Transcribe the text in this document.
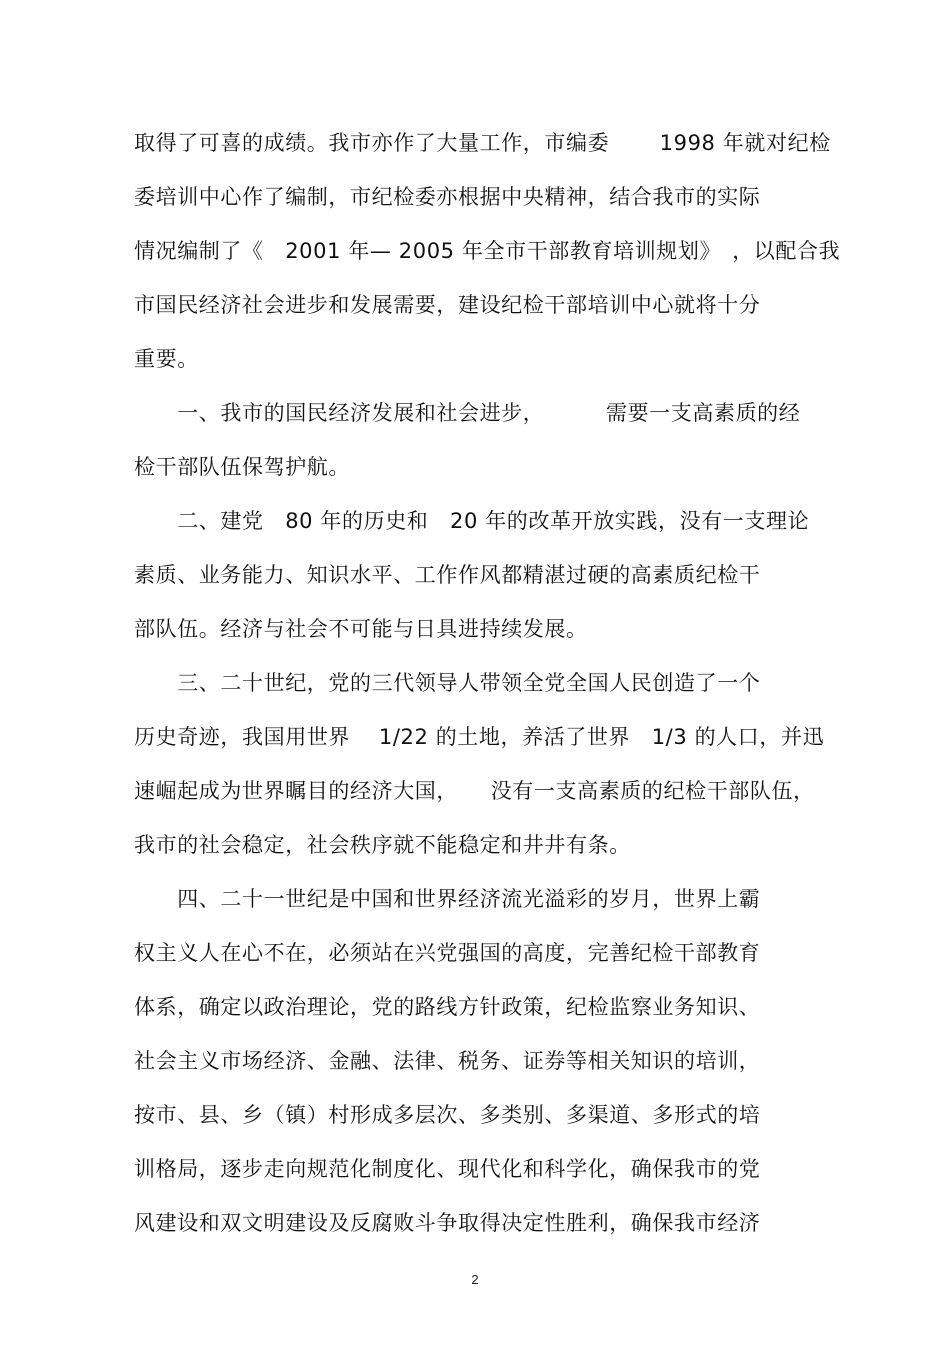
取得了可喜的成绩。我市亦作了大量工作，市编委　　 1998 年就对纪检
委培训中心作了编制，市纪检委亦根据中央精神，结合我市的实际
情况编制了《　2001 年— 2005 年全市干部教育培训规划》　，以配合我
市国民经济社会进步和发展需要，建设纪检干部培训中心就将十分
重要。
　　一、我市的国民经济发展和社会进步，　　　 需要一支高素质的经
检干部队伍保驾护航。
　　二、建党　80 年的历史和　20 年的改革开放实践，没有一支理论
素质、业务能力、知识水平、工作作风都精湛过硬的高素质纪检干
部队伍。经济与社会不可能与日具进持续发展。
　　三、二十世纪，党的三代领导人带领全党全国人民创造了一个
历史奇迹，我国用世界　 1/22 的土地，养活了世界　1/3 的人口，并迅
速崛起成为世界瞩目的经济大国，　　没有一支高素质的纪检干部队伍，
我市的社会稳定，社会秩序就不能稳定和井井有条。
　　四、二十一世纪是中国和世界经济流光溢彩的岁月，世界上霸
权主义人在心不在，必须站在兴党强国的高度，完善纪检干部教育
体系，确定以政治理论，党的路线方针政策，纪检监察业务知识、
社会主义市场经济、金融、法律、税务、证券等相关知识的培训，
按市、县、乡（镇）村形成多层次、多类别、多渠道、多形式的培
训格局，逐步走向规范化制度化、现代化和科学化，确保我市的党
风建设和双文明建设及反腐败斗争取得决定性胜利，确保我市经济
2
